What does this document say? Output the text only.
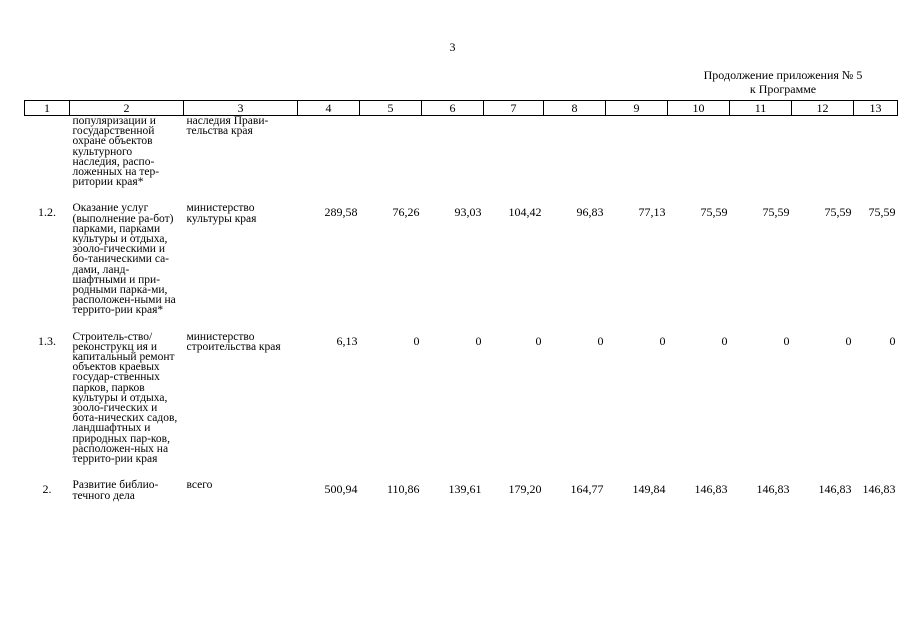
3
Продолжение приложения № 5
к Программе
1	2	3	4	5	6	7	8	9	10	11	12	13
	популяризации и государственной охране объектов культурного наследия, распо-ложенных на тер-ритории края*	наследия Прави-тельства края										

1.2.	Оказание услуг (выполнение ра-бот) парками, парками культуры и отдыха, зооло-гическими и бо-таническими са-дами, ланд-шафтными и при-родными парка-ми, расположен-ными на террито-рии края*	министерство культуры края	289,58	76,26	93,03	104,42	96,83	77,13	75,59	75,59	75,59	75,59

1.3.	Строитель-ство/реконструкц ия и капитальный ремонт объектов краевых государ-ственных парков, парков культуры и отдыха, зооло-гических и бота-нических садов, ландшафтных и природных пар-ков, расположен-ных на террито-рии края	министерство строительства края	6,13	0	0	0	0	0	0	0	0	0

2.	Развитие библио-течного дела	всего	500,94	110,86	139,61	179,20	164,77	149,84	146,83	146,83	146,83	146,83
